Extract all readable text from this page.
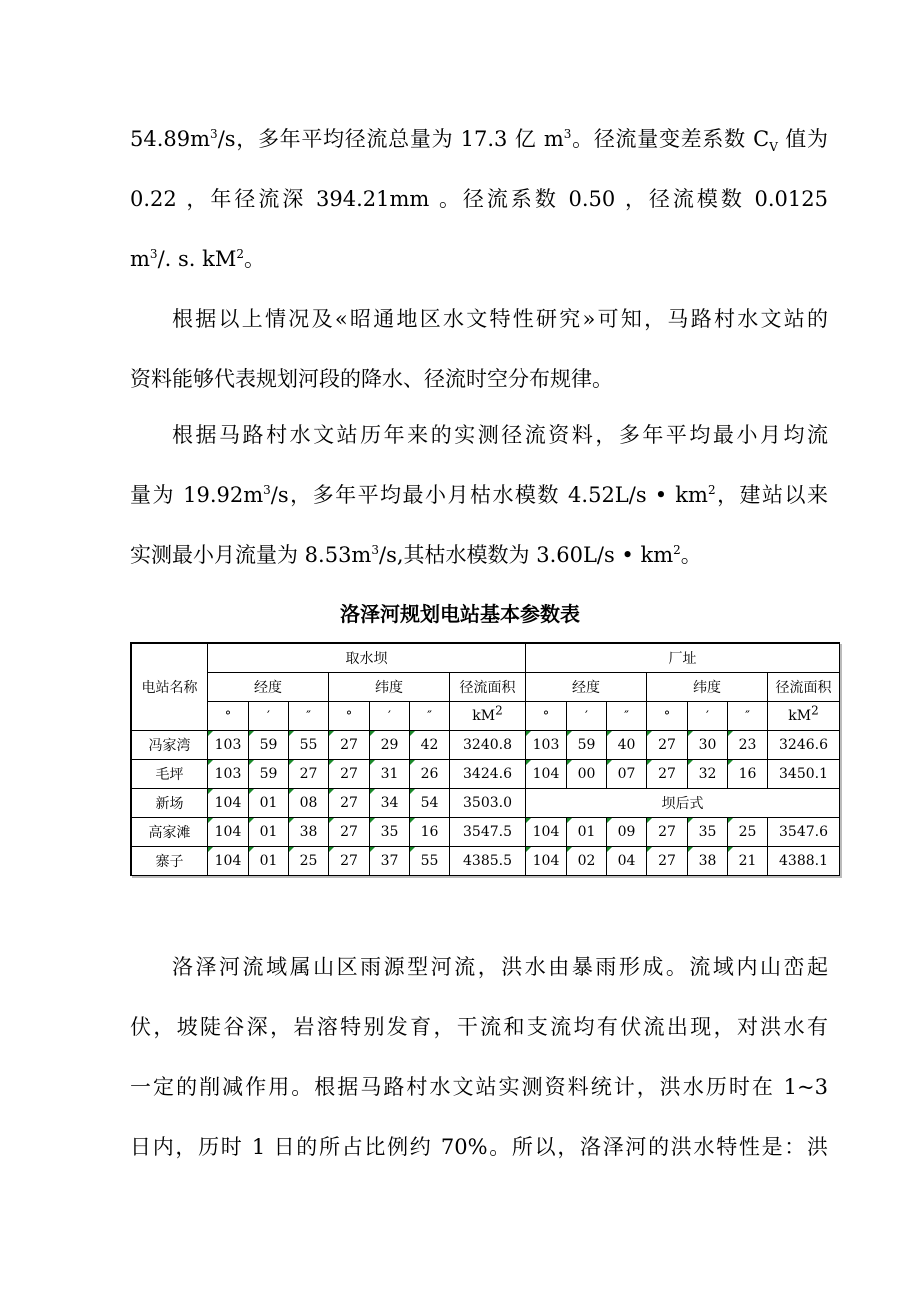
$54.89m^3/s$，多年平均径流总量为 17.3 亿 $m^3$。径流量变差系数 $C_V$ 值为
0.22 ，年径流深 394.21mm 。径流系数 0.50 ，径流模数 0.0125
$m^3/$. s. $kM^2$。
根据以上情况及«昭通地区水文特性研究»可知，马路村水文站的
资料能够代表规划河段的降水、径流时空分布规律。
根据马路村水文站历年来的实测径流资料，多年平均最小月均流
量为 $19.92m^3/s$，多年平均最小月枯水模数 4.52L/s • $km^2$，建站以来
实测最小月流量为 $8.53m^3/s$,其枯水模数为 3.60L/s • $km^2$。
洛泽河规划电站基本参数表
电站名称	取水坝							厂址						
	经度			纬度			径流面积	经度			纬度			径流面积
	°	′	″	°	′	″	$kM^2$	°	′	″	°	′	″	$kM^2$
冯家湾	103	59	55	27	29	42	3240.8	103	59	40	27	30	23	3246.6
毛坪	103	59	27	27	31	26	3424.6	104	00	07	27	32	16	3450.1
新场	104	01	08	27	34	54	3503.0	坝后式						
高家滩	104	01	38	27	35	16	3547.5	104	01	09	27	35	25	3547.6
寨子	104	01	25	27	37	55	4385.5	104	02	04	27	38	21	4388.1
洛泽河流域属山区雨源型河流，洪水由暴雨形成。流域内山峦起
伏，坡陡谷深，岩溶特别发育，干流和支流均有伏流出现，对洪水有
一定的削减作用。根据马路村水文站实测资料统计，洪水历时在 1~3
日内，历时 1 日的所占比例约 70%。所以，洛泽河的洪水特性是：洪
